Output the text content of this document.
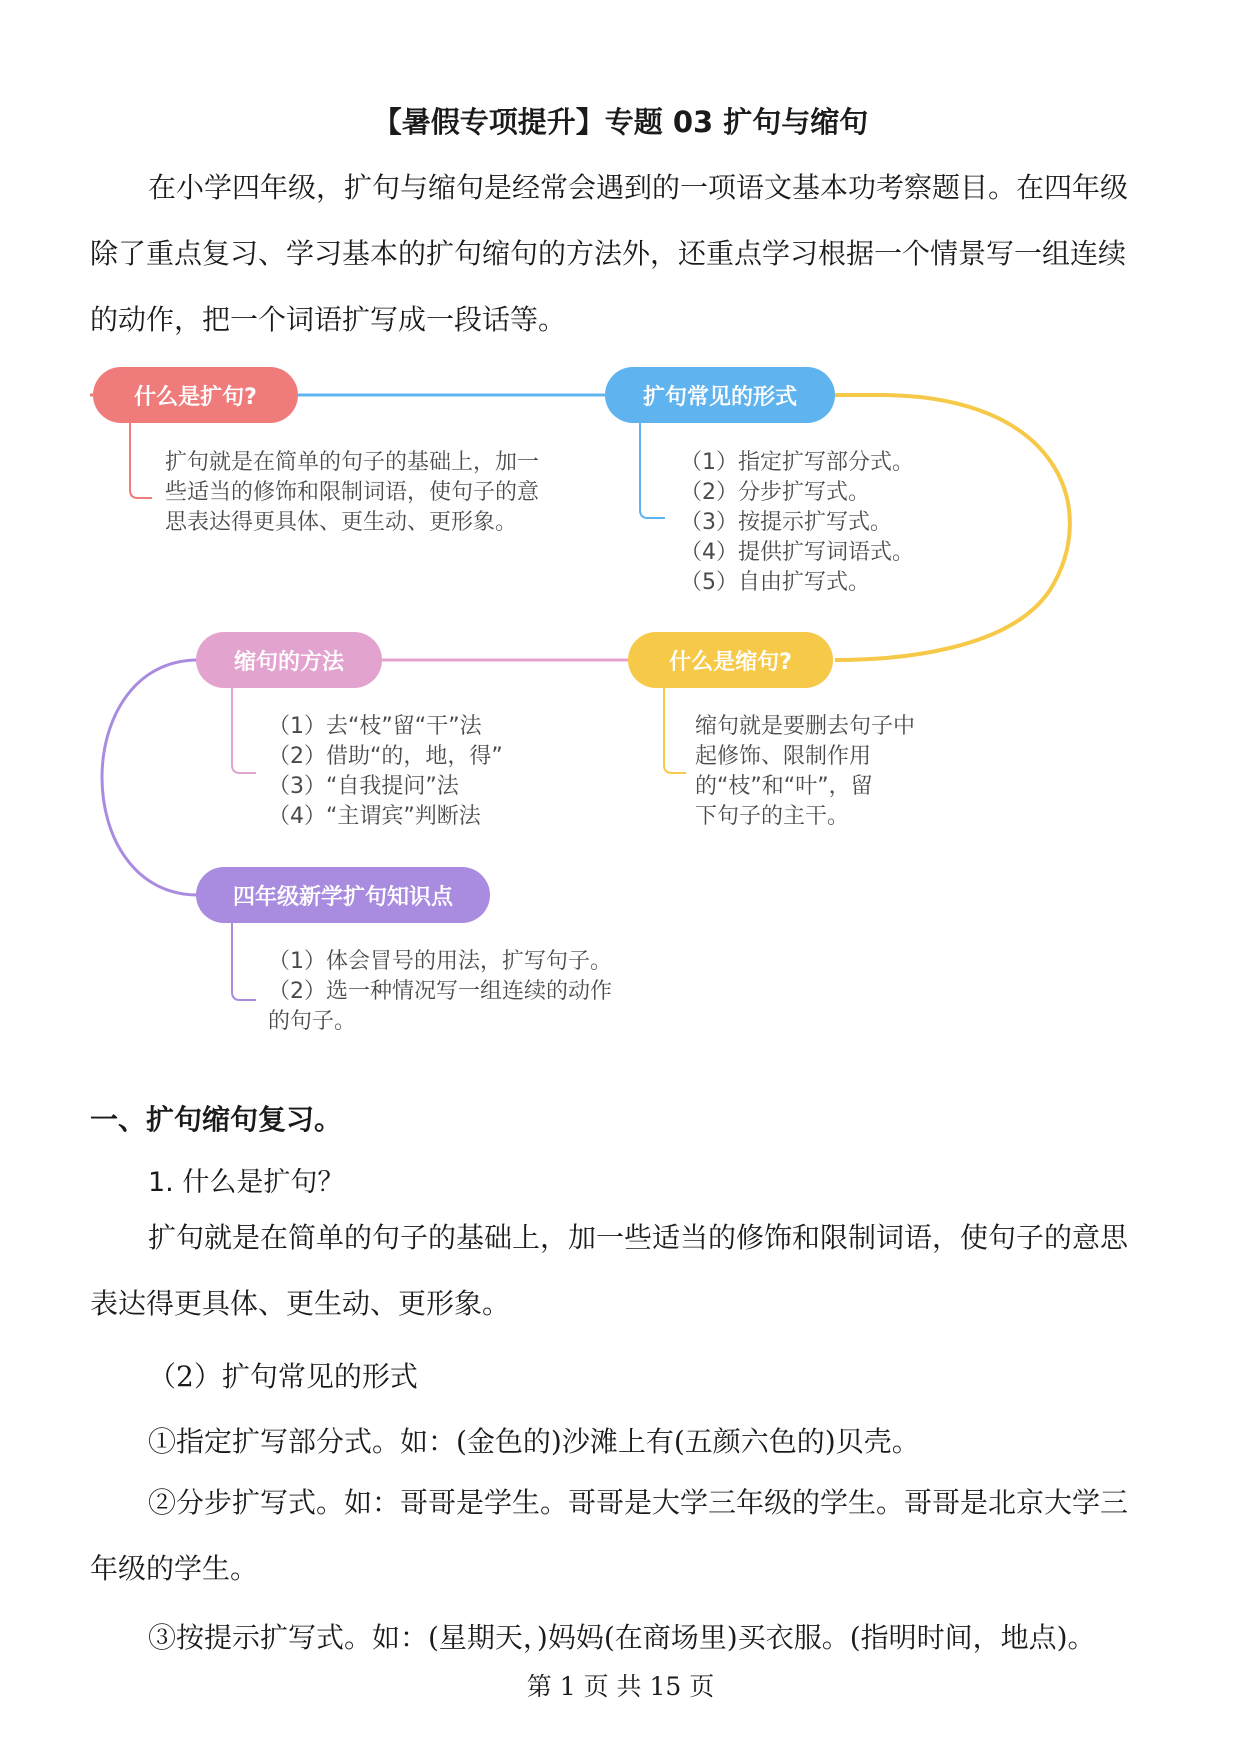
【暑假专项提升】专题 03 扩句与缩句
在小学四年级，扩句与缩句是经常会遇到的一项语文基本功考察题目。在四年级除了重点复习、学习基本的扩句缩句的方法外，还重点学习根据一个情景写一组连续的动作，把一个词语扩写成一段话等。
什么是扩句?
扩句就是在简单的句子的基础上，加一
些适当的修饰和限制词语，使句子的意
思表达得更具体、更生动、更形象。
扩句常见的形式
（1）指定扩写部分式。
（2）分步扩写式。
（3）按提示扩写式。
（4）提供扩写词语式。
（5）自由扩写式。
什么是缩句?
缩句就是要删去句子中
起修饰、限制作用
的“枝”和“叶”，留
下句子的主干。
缩句的方法
（1）去“枝”留“干”法
（2）借助“的，地，得”
（3）“自我提问”法
（4）“主谓宾”判断法
四年级新学扩句知识点
（1）体会冒号的用法，扩写句子。
（2）选一种情况写一组连续的动作
的句子。
一、扩句缩句复习。
1. 什么是扩句？
扩句就是在简单的句子的基础上，加一些适当的修饰和限制词语，使句子的意思表达得更具体、更生动、更形象。
（2）扩句常见的形式
①指定扩写部分式。如：(金色的)沙滩上有(五颜六色的)贝壳。
②分步扩写式。如：哥哥是学生。哥哥是大学三年级的学生。哥哥是北京大学三年级的学生。
③按提示扩写式。如：(星期天，)妈妈(在商场里)买衣服。(指明时间，地点)。
第 1 页 共 15 页
